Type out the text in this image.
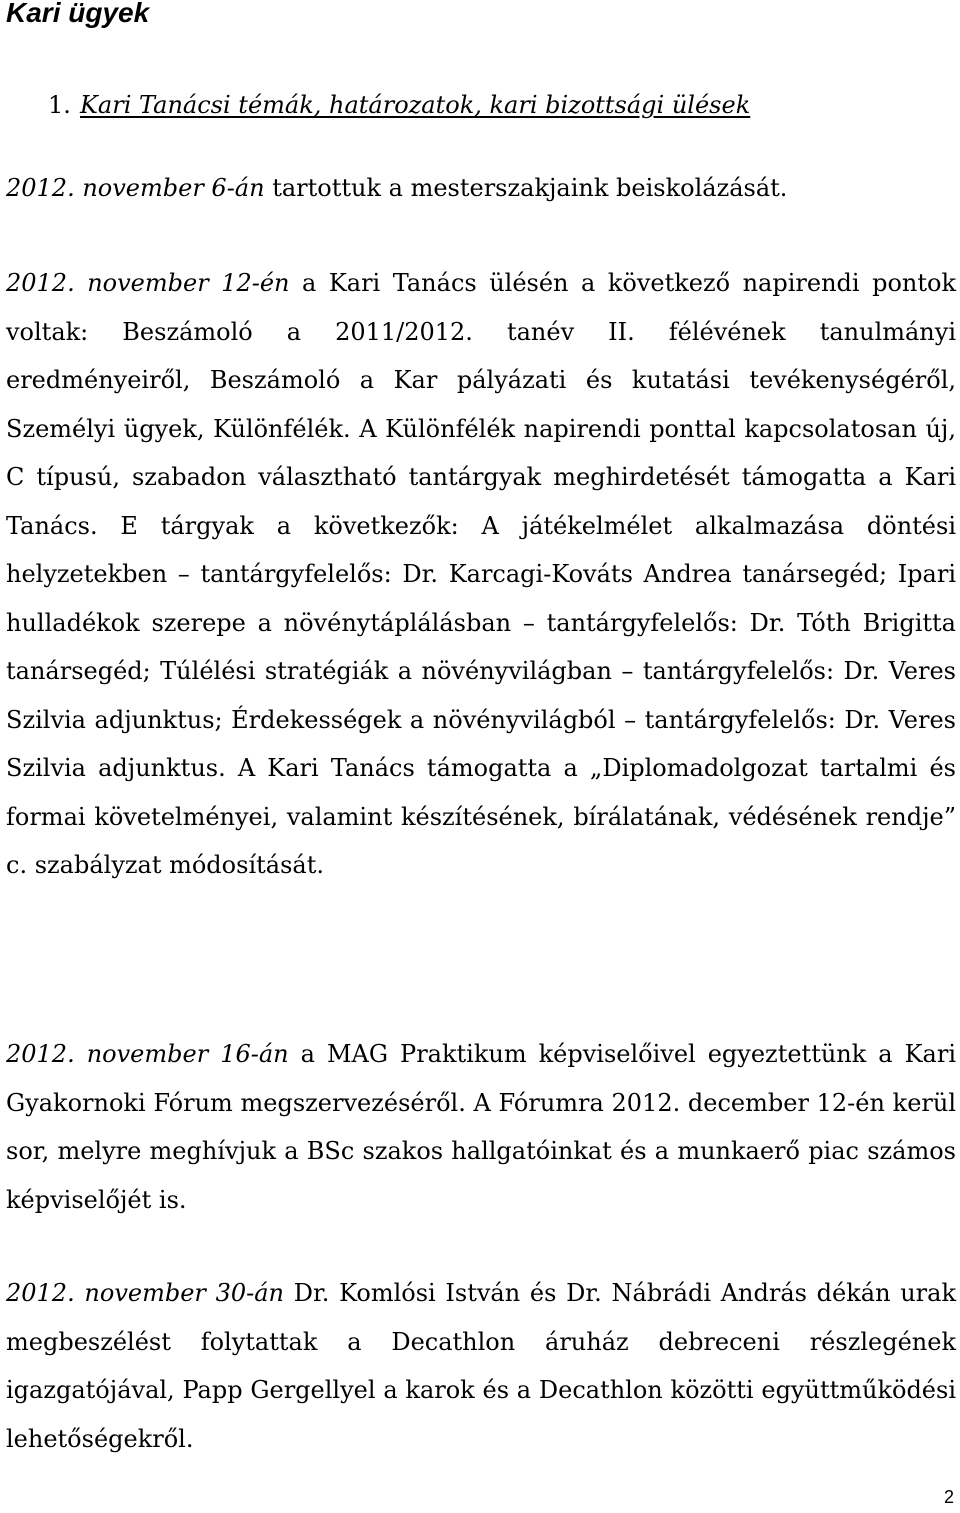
Kari ügyek
1. Kari Tanácsi témák, határozatok, kari bizottsági ülések

2012. november 6-án tartottuk a mesterszakjaink beiskolázását.

2012. november 12-én a Kari Tanács ülésén a következő napirendi pontok voltak: Beszámoló a 2011/2012. tanév II. félévének tanulmányi eredményeiről, Beszámoló a Kar pályázati és kutatási tevékenységéről, Személyi ügyek, Különfélék. A Különfélék napirendi ponttal kapcsolatosan új, C típusú, szabadon választható tantárgyak meghirdetését támogatta a Kari Tanács. E tárgyak a következők: A játékelmélet alkalmazása döntési helyzetekben – tantárgyfelelős: Dr. Karcagi-Kováts Andrea tanársegéd; Ipari hulladékok szerepe a növénytáplálásban – tantárgyfelelős: Dr. Tóth Brigitta tanársegéd; Túlélési stratégiák a növényvilágban – tantárgyfelelős: Dr. Veres Szilvia adjunktus; Érdekességek a növényvilágból – tantárgyfelelős: Dr. Veres Szilvia adjunktus. A Kari Tanács támogatta a „Diplomadolgozat tartalmi és formai követelményei, valamint készítésének, bírálatának, védésének rendje” c. szabályzat módosítását.

2012. november 16-án a MAG Praktikum képviselőivel egyeztettünk a Kari Gyakornoki Fórum megszervezéséről. A Fórumra 2012. december 12-én kerül sor, melyre meghívjuk a BSc szakos hallgatóinkat és a munkaerő piac számos képviselőjét is.

2012. november 30-án Dr. Komlósi István és Dr. Nábrádi András dékán urak megbeszélést folytattak a Decathlon áruház debreceni részlegének igazgatójával, Papp Gergellyel a karok és a Decathlon közötti együttműködési lehetőségekről.

2
